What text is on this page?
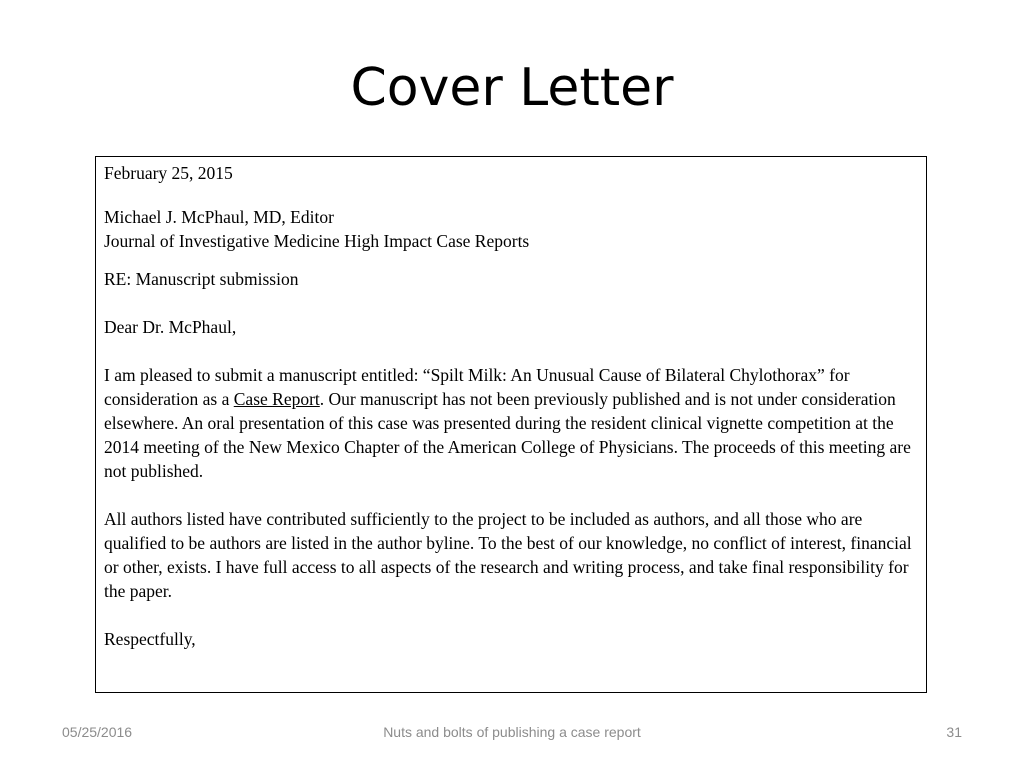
Cover Letter

February 25, 2015

Michael J. McPhaul, MD, Editor

Journal of Investigative Medicine High Impact Case Reports

RE: Manuscript submission

Dear Dr. McPhaul,

I am pleased to submit a manuscript entitled: “Spilt Milk: An Unusual Cause of Bilateral Chylothorax” for consideration as a Case Report. Our manuscript has not been previously published and is not under consideration elsewhere. An oral presentation of this case was presented during the resident clinical vignette competition at the 2014 meeting of the New Mexico Chapter of the American College of Physicians. The proceeds of this meeting are not published.

All authors listed have contributed sufficiently to the project to be included as authors, and all those who are qualified to be authors are listed in the author byline. To the best of our knowledge, no conflict of interest, financial or other, exists. I have full access to all aspects of the research and writing process, and take final responsibility for the paper.

Respectfully,

05/25/2016	Nuts and bolts of publishing a case report	31
